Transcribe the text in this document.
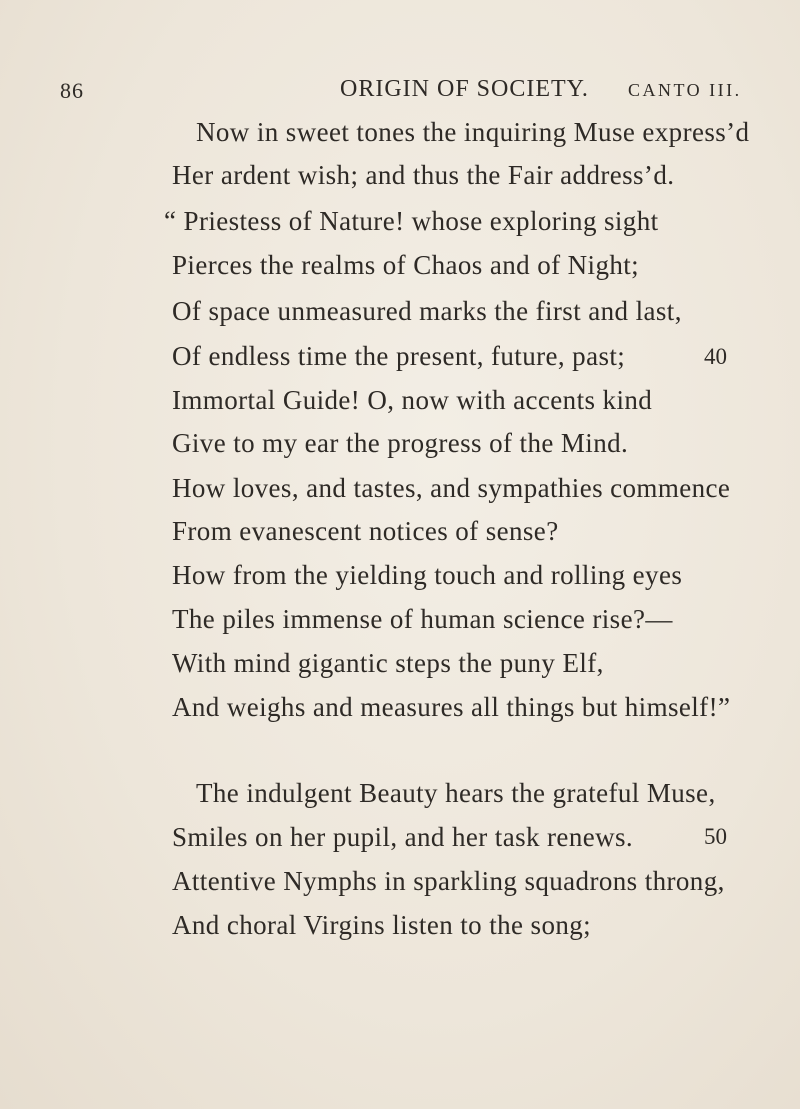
86	ORIGIN OF SOCIETY. CANTO III.
Now in sweet tones the inquiring Muse express’d
Her ardent wish; and thus the Fair address’d.
“ Priestess of Nature! whose exploring sight
Pierces the realms of Chaos and of Night;
Of space unmeasured marks the first and last,
Of endless time the present, future, past;
Immortal Guide! O, now with accents kind
Give to my ear the progress of the Mind.
How loves, and tastes, and sympathies commence
From evanescent notices of sense?
How from the yielding touch and rolling eyes
The piles immense of human science rise?—
With mind gigantic steps the puny Elf,
And weighs and measures all things but himself!”
The indulgent Beauty hears the grateful Muse,
Smiles on her pupil, and her task renews.
Attentive Nymphs in sparkling squadrons throng,
And choral Virgins listen to the song;
40
50
